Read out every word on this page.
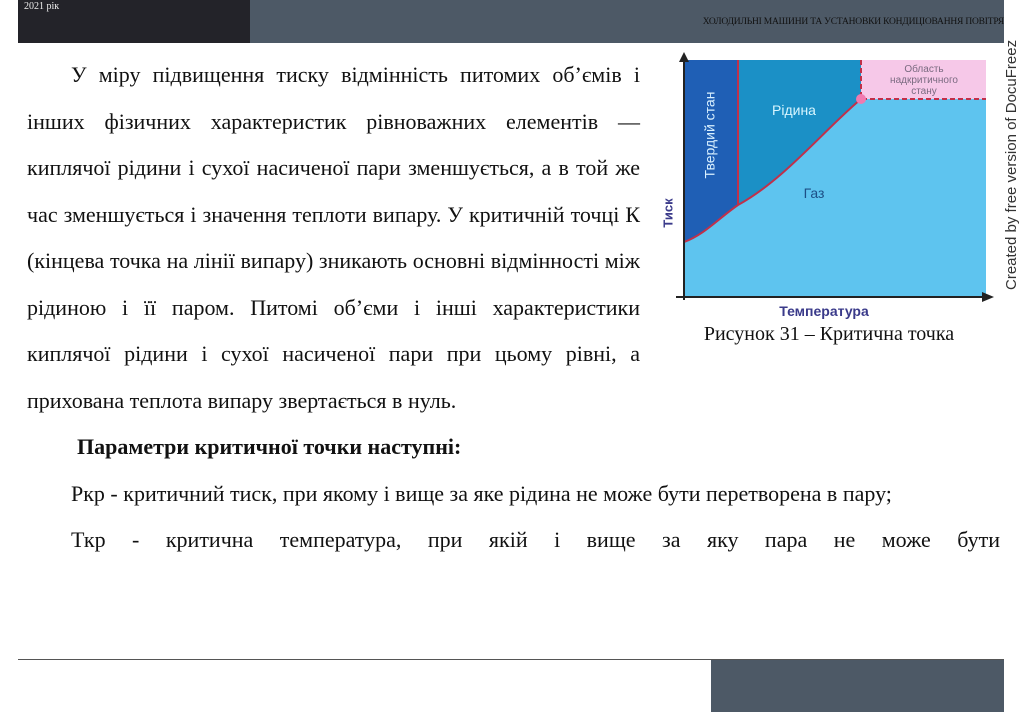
2021 рік
ХОЛОДИЛЬНІ МАШИНИ ТА УСТАНОВКИ КОНДИЦІОВАННЯ ПОВІТРЯ
Created by free version of DocuFreez
Твердий стан	Рідина
Газ
Область
надкритичного
стану
Тиск
Температура
Рисунок 31 – Критична точка

У міру підвищення тиску відмінність питомих об’ємів і інших фізичних характеристик рівноважних елементів — киплячої рідини і сухої насиченої пари зменшується, а в той же час зменшується і значення теплоти випару. У критичній точці К (кінцева точка на лінії випару) зникають основні відмінності між рідиною і її паром. Питомі об’єми і інші характеристики киплячої рідини і сухої насиченої пари при цьому рівні, а прихована теплота випару звертається в нуль.

Параметри критичної точки наступні:

Ркр - критичний тиск, при якому і вище за яке рідина не може бути перетворена в пару;

Ткр - критична температура, при якій і вище за яку пара не може бути
